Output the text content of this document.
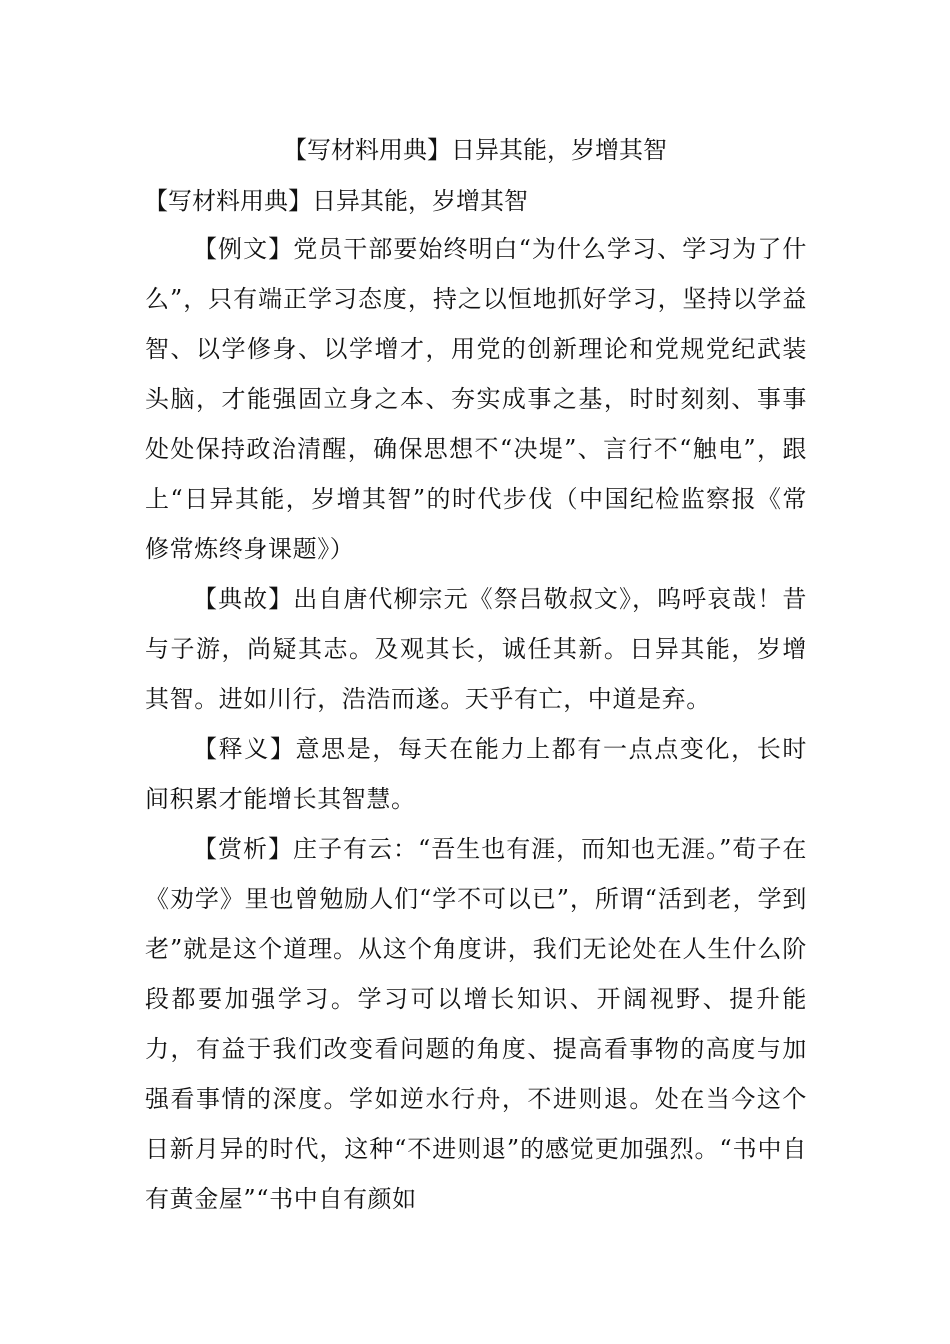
【写材料用典】日异其能，岁增其智
【写材料用典】日异其能，岁增其智

【例文】党员干部要始终明白“为什么学习、学习为了什么”，只有端正学习态度，持之以恒地抓好学习，坚持以学益智、以学修身、以学增才，用党的创新理论和党规党纪武装头脑，才能强固立身之本、夯实成事之基，时时刻刻、事事处处保持政治清醒，确保思想不“决堤”、言行不“触电”，跟上“日异其能，岁增其智”的时代步伐（中国纪检监察报《常修常炼终身课题》）

【典故】出自唐代柳宗元《祭吕敬叔文》，呜呼哀哉！昔与子游，尚疑其志。及观其长，诚任其新。日异其能，岁增其智。进如川行，浩浩而遂。天乎有亡，中道是弃。

【释义】意思是，每天在能力上都有一点点变化，长时间积累才能增长其智慧。

【赏析】庄子有云：“吾生也有涯，而知也无涯。”荀子在《劝学》里也曾勉励人们“学不可以已”，所谓“活到老，学到老”就是这个道理。从这个角度讲，我们无论处在人生什么阶段都要加强学习。学习可以增长知识、开阔视野、提升能力，有益于我们改变看问题的角度、提高看事物的高度与加强看事情的深度。学如逆水行舟，不进则退。处在当今这个日新月异的时代，这种“不进则退”的感觉更加强烈。“书中自有黄金屋”“书中自有颜如
